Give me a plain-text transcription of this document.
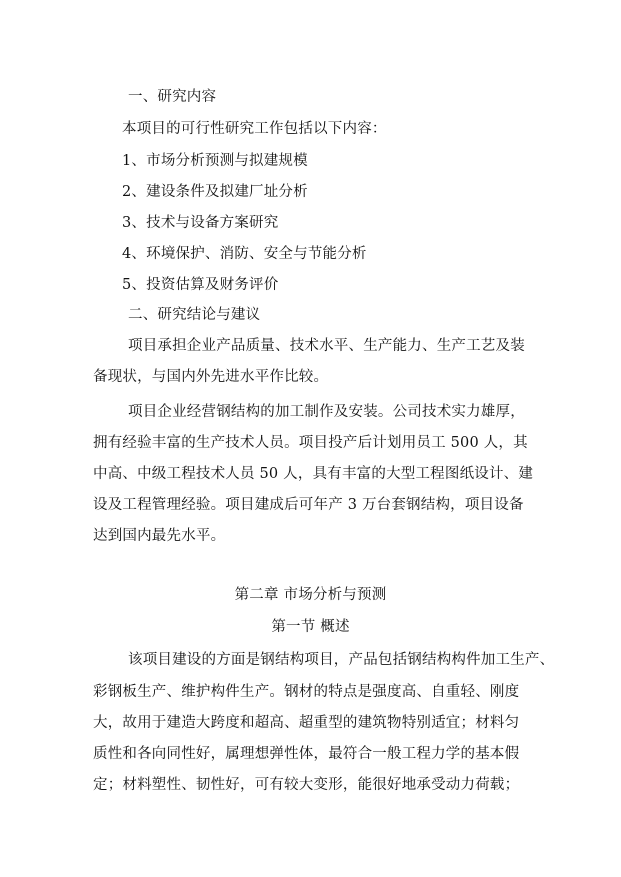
一、研究内容
本项目的可行性研究工作包括以下内容：
1、市场分析预测与拟建规模
2、建设条件及拟建厂址分析
3、技术与设备方案研究
4、环境保护、消防、安全与节能分析
5、投资估算及财务评价
二、研究结论与建议
项目承担企业产品质量、技术水平、生产能力、生产工艺及装
备现状，与国内外先进水平作比较。
项目企业经营钢结构的加工制作及安装。公司技术实力雄厚，
拥有经验丰富的生产技术人员。项目投产后计划用员工 500 人，其
中高、中级工程技术人员 50 人，具有丰富的大型工程图纸设计、建
设及工程管理经验。项目建成后可年产 3 万台套钢结构，项目设备
达到国内最先水平。
第二章 市场分析与预测
第一节 概述
该项目建设的方面是钢结构项目，产品包括钢结构构件加工生产、
彩钢板生产、维护构件生产。钢材的特点是强度高、自重轻、刚度
大，故用于建造大跨度和超高、超重型的建筑物特别适宜；材料匀
质性和各向同性好，属理想弹性体，最符合一般工程力学的基本假
定；材料塑性、韧性好，可有较大变形，能很好地承受动力荷载；
